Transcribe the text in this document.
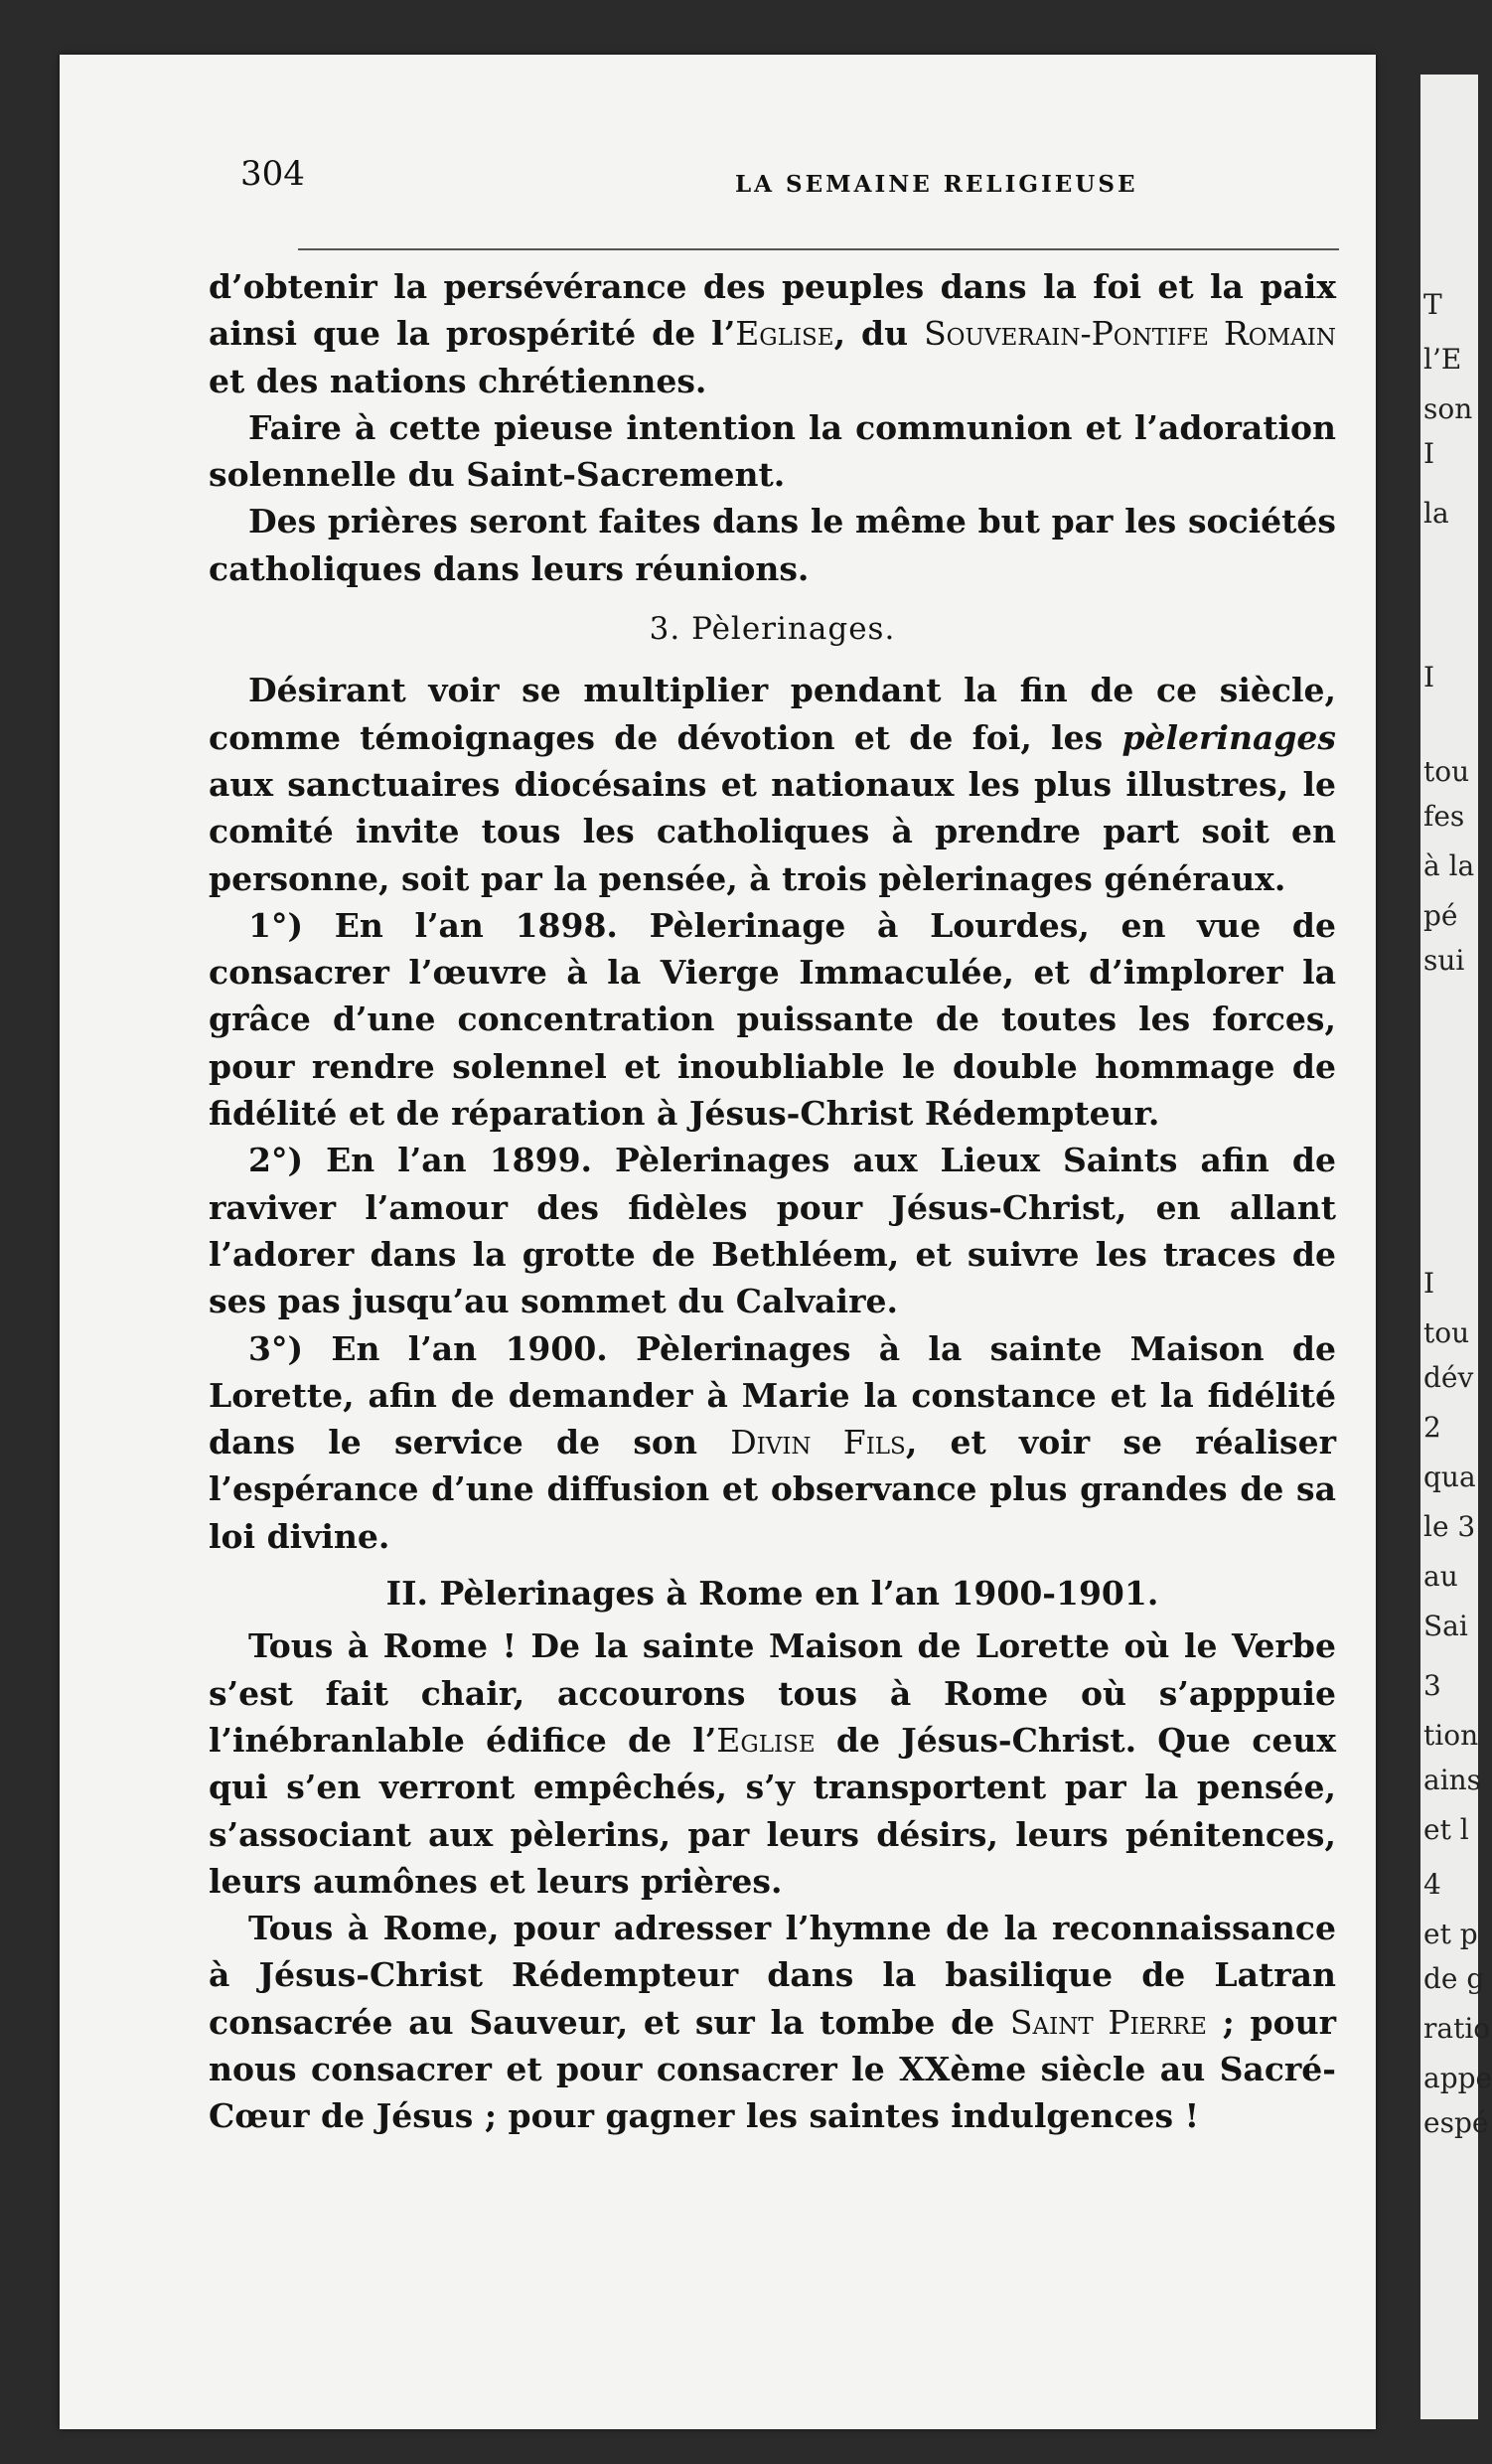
T
l’E
son
I
la
I
tou
fes
à la
pé
sui
I
tou
dév
2
qua
le 3
au
Sai
3
tion
ains
et l
4
et p
de g
ratio
appe
espé
304	LA SEMAINE RELIGIEUSE

d’obtenir la persévérance des peuples dans la foi et la paix ainsi que la prospérité de l’Eglise, du Souverain-Pontife Romain et des nations chrétiennes.

Faire à cette pieuse intention la communion et l’adoration solennelle du Saint-Sacrement.

Des prières seront faites dans le même but par les sociétés catholiques dans leurs réunions.

3. Pèlerinages.

Désirant voir se multiplier pendant la fin de ce siècle, comme témoignages de dévotion et de foi, les pèlerinages aux sanctuaires diocésains et nationaux les plus illustres, le comité invite tous les catholiques à prendre part soit en personne, soit par la pensée, à trois pèlerinages généraux.

1°) En l’an 1898. Pèlerinage à Lourdes, en vue de consacrer l’œuvre à la Vierge Immaculée, et d’implorer la grâce d’une concentration puissante de toutes les forces, pour rendre solennel et inoubliable le double hommage de fidélité et de réparation à Jésus-Christ Rédempteur.

2°) En l’an 1899. Pèlerinages aux Lieux Saints afin de raviver l’amour des fidèles pour Jésus-Christ, en allant l’adorer dans la grotte de Bethléem, et suivre les traces de ses pas jusqu’au sommet du Calvaire.

3°) En l’an 1900. Pèlerinages à la sainte Maison de Lorette, afin de demander à Marie la constance et la fidélité dans le service de son Divin Fils, et voir se réaliser l’espérance d’une diffusion et observance plus grandes de sa loi divine.

II. Pèlerinages à Rome en l’an 1900-1901.

Tous à Rome ! De la sainte Maison de Lorette où le Verbe s’est fait chair, accourons tous à Rome où s’apppuie l’inébranlable édifice de l’Eglise de Jésus-Christ. Que ceux qui s’en verront empêchés, s’y transportent par la pensée, s’associant aux pèlerins, par leurs désirs, leurs pénitences, leurs aumônes et leurs prières.

Tous à Rome, pour adresser l’hymne de la reconnaissance à Jésus-Christ Rédempteur dans la basilique de Latran consacrée au Sauveur, et sur la tombe de Saint Pierre ; pour nous consacrer et pour consacrer le XXème siècle au Sacré-Cœur de Jésus ; pour gagner les saintes indulgences !
